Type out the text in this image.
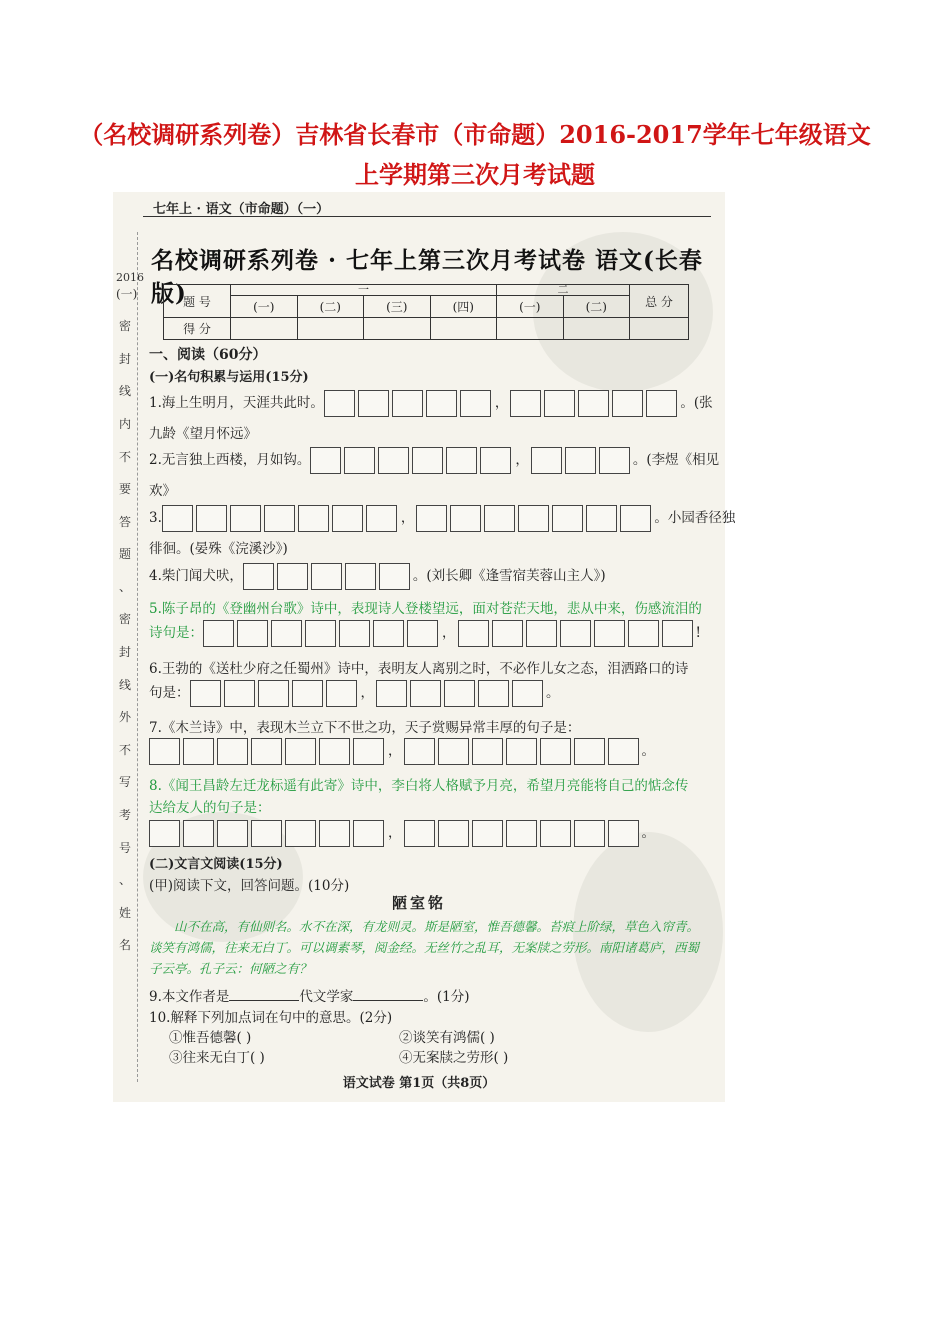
（名校调研系列卷）吉林省长春市（市命题）2016-2017学年七年级语文
上学期第三次月考试题
七年上 · 语文（市命题）（一）
名校调研系列卷 · 七年上第三次月考试卷 语文(长春版)
2016
(一)
密
封
线
内
不
要
答
题
、
密
封
线
外
不
写
考
号
、
姓
名
题 号	一				二		总 分
	(一)	(二)	(三)	(四)	(一)	(二)	
得 分							
一、阅读（60分）
(一)名句积累与运用(15分)
1.海上生明月，天涯共此时。	，	。(张
九龄《望月怀远》
2.无言独上西楼，月如钩。	，	。(李煜《相见
欢》
3.	，	。小园香径独
徘徊。(晏殊《浣溪沙》)
4.柴门闻犬吠，	。(刘长卿《逢雪宿芙蓉山主人》)
5.陈子昂的《登幽州台歌》诗中，表现诗人登楼望远，面对苍茫天地，悲从中来，伤感流泪的
诗句是：	，	!
6.王勃的《送杜少府之任蜀州》诗中，表明友人离别之时，不必作儿女之态，泪洒路口的诗
句是：	，	。
7.《木兰诗》中，表现木兰立下不世之功，天子赏赐异常丰厚的句子是：
，	。
8.《闻王昌龄左迁龙标遥有此寄》诗中，李白将人格赋予月亮，希望月亮能将自己的惦念传
达给友人的句子是：
，	。
(二)文言文阅读(15分)
(甲)阅读下文，回答问题。(10分)
陋室铭
山不在高，有仙则名。水不在深，有龙则灵。斯是陋室，惟吾德馨。苔痕上阶绿，草色入帘青。谈笑有鸿儒，往来无白丁。可以调素琴，阅金经。无丝竹之乱耳，无案牍之劳形。南阳诸葛庐，西蜀子云亭。孔子云：何陋之有？
9.本文作者是	代文学家	。(1分)
10.解释下列加点词在句中的意思。(2分)
①惟吾德馨( )	②谈笑有鸿儒( )
③往来无白丁( )	④无案牍之劳形( )
语文试卷 第1页（共8页）
